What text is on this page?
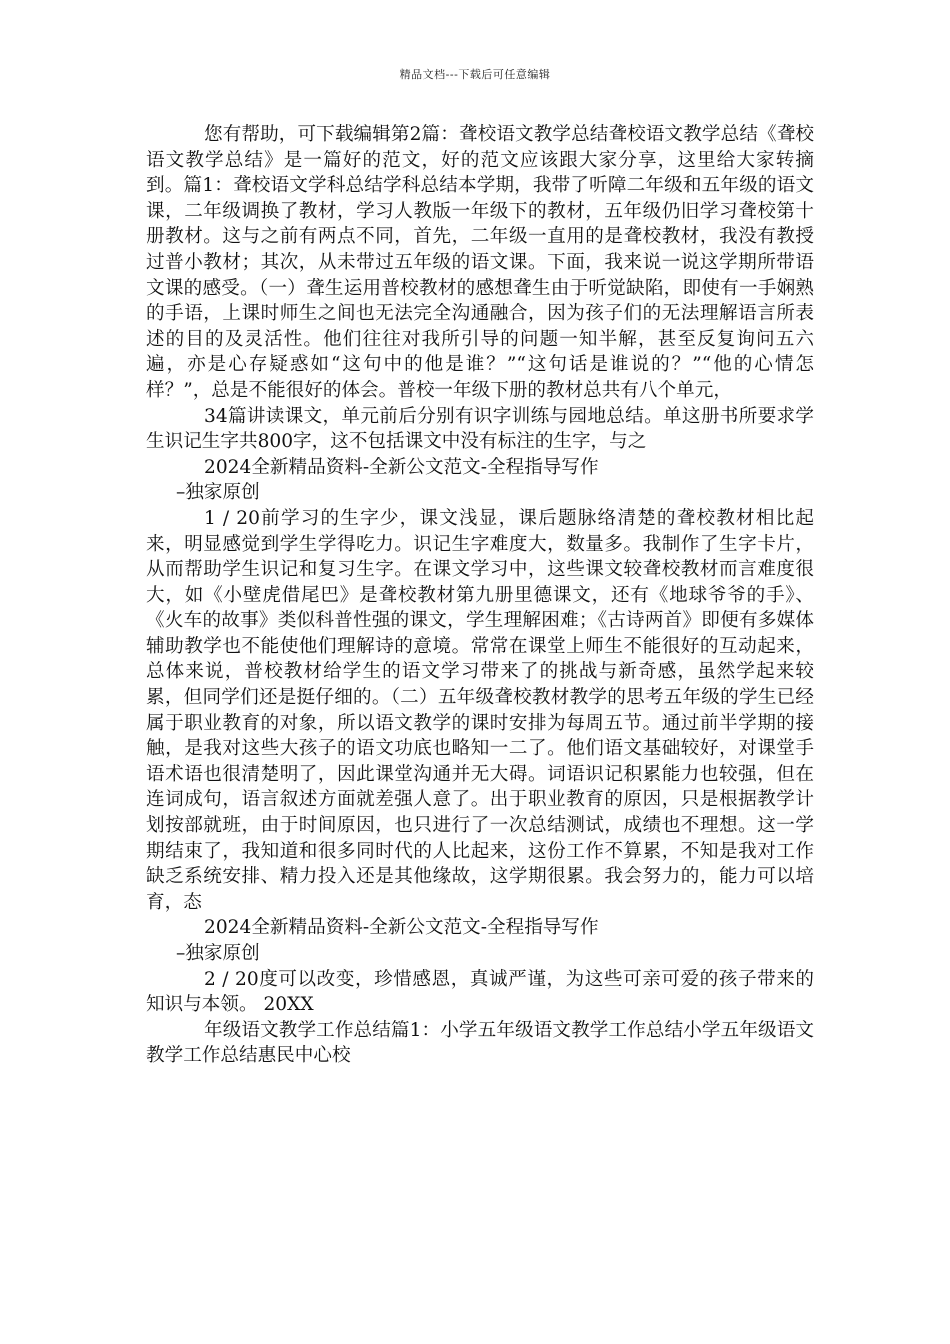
精品文档---下载后可任意编辑

您有帮助，可下载编辑第2篇：聋校语文教学总结聋校语文教学总结《聋校语文教学总结》是一篇好的范文，好的范文应该跟大家分享，这里给大家转摘到。篇1：聋校语文学科总结学科总结本学期，我带了听障二年级和五年级的语文课，二年级调换了教材，学习人教版一年级下的教材，五年级仍旧学习聋校第十册教材。这与之前有两点不同，首先，二年级一直用的是聋校教材，我没有教授过普小教材；其次，从未带过五年级的语文课。下面，我来说一说这学期所带语文课的感受。（一）聋生运用普校教材的感想聋生由于听觉缺陷，即使有一手娴熟的手语，上课时师生之间也无法完全沟通融合，因为孩子们的无法理解语言所表述的目的及灵活性。他们往往对我所引导的问题一知半解，甚至反复询问五六遍，亦是心存疑惑如“这句中的他是谁？”“这句话是谁说的？”“他的心情怎样？”，总是不能很好的体会。普校一年级下册的教材总共有八个单元，

34篇讲读课文，单元前后分别有识字训练与园地总结。单这册书所要求学生识记生字共800字，这不包括课文中没有标注的生字，与之

2024全新精品资料-全新公文范文-全程指导写作
–独家原创

1 / 20前学习的生字少，课文浅显，课后题脉络清楚的聋校教材相比起来，明显感觉到学生学得吃力。识记生字难度大，数量多。我制作了生字卡片，从而帮助学生识记和复习生字。在课文学习中，这些课文较聋校教材而言难度很大，如《小壁虎借尾巴》是聋校教材第九册里德课文，还有《地球爷爷的手》、《火车的故事》类似科普性强的课文，学生理解困难；《古诗两首》即便有多媒体辅助教学也不能使他们理解诗的意境。常常在课堂上师生不能很好的互动起来，总体来说，普校教材给学生的语文学习带来了的挑战与新奇感，虽然学起来较累，但同学们还是挺仔细的。（二）五年级聋校教材教学的思考五年级的学生已经属于职业教育的对象，所以语文教学的课时安排为每周五节。通过前半学期的接触，是我对这些大孩子的语文功底也略知一二了。他们语文基础较好，对课堂手语术语也很清楚明了，因此课堂沟通并无大碍。词语识记积累能力也较强，但在连词成句，语言叙述方面就差强人意了。出于职业教育的原因，只是根据教学计划按部就班，由于时间原因，也只进行了一次总结测试，成绩也不理想。这一学期结束了，我知道和很多同时代的人比起来，这份工作不算累，不知是我对工作缺乏系统安排、精力投入还是其他缘故，这学期很累。我会努力的，能力可以培育，态

2024全新精品资料-全新公文范文-全程指导写作
–独家原创

2 / 20度可以改变，珍惜感恩，真诚严谨，为这些可亲可爱的孩子带来的知识与本领。 20XX

年级语文教学工作总结篇1：小学五年级语文教学工作总结小学五年级语文教学工作总结惠民中心校
